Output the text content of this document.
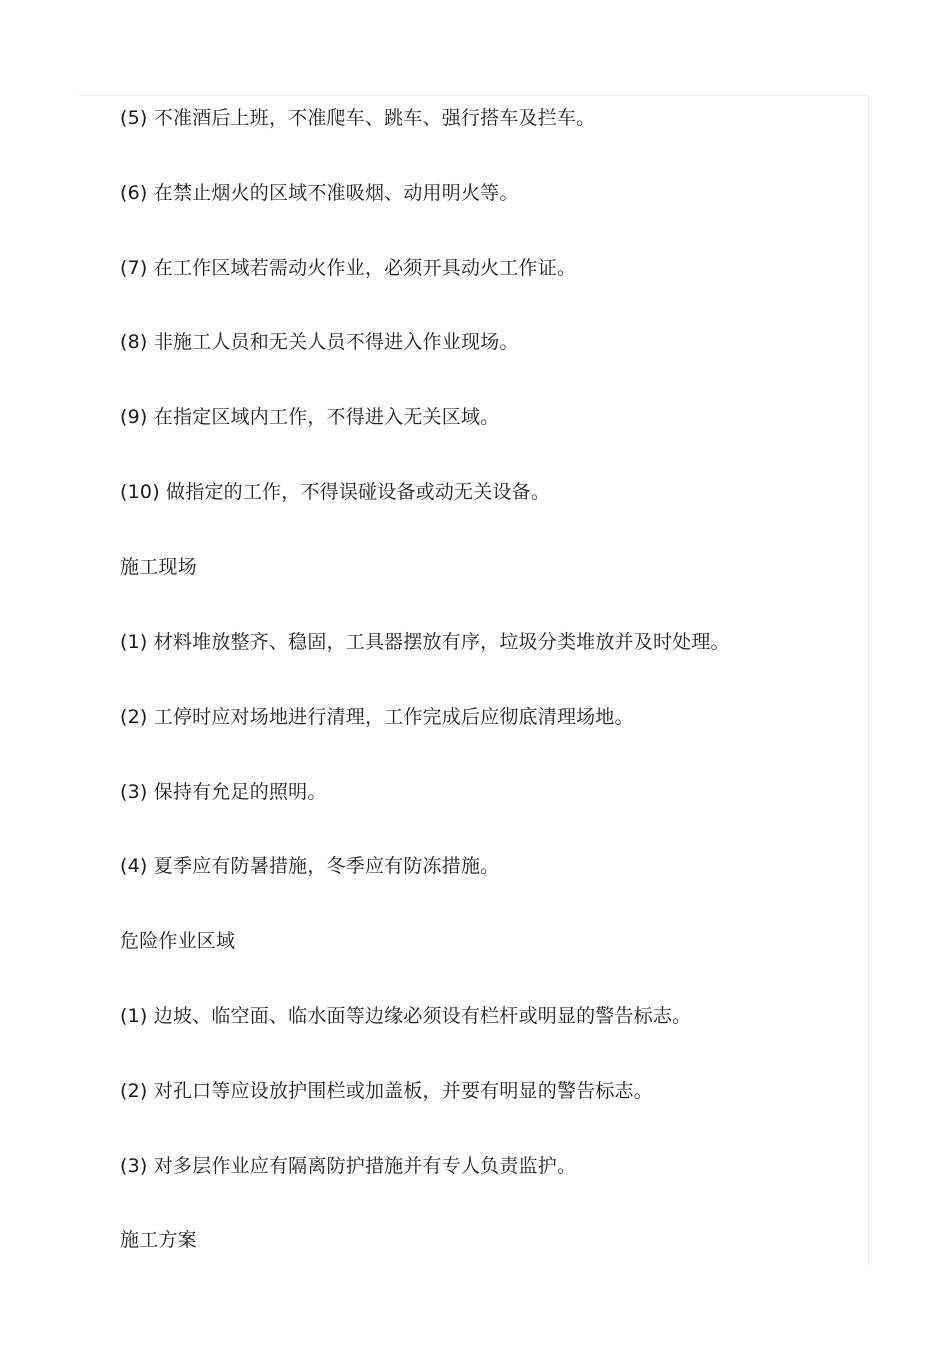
(5) 不准酒后上班，不准爬车、跳车、强行搭车及拦车。
(6) 在禁止烟火的区域不准吸烟、动用明火等。
(7) 在工作区域若需动火作业，必须开具动火工作证。
(8) 非施工人员和无关人员不得进入作业现场。
(9) 在指定区域内工作，不得进入无关区域。
(10) 做指定的工作，不得误碰设备或动无关设备。
施工现场
(1) 材料堆放整齐、稳固，工具器摆放有序，垃圾分类堆放并及时处理。
(2) 工停时应对场地进行清理，工作完成后应彻底清理场地。
(3) 保持有允足的照明。
(4) 夏季应有防暑措施，冬季应有防冻措施。
危险作业区域
(1) 边坡、临空面、临水面等边缘必须设有栏杆或明显的警告标志。
(2) 对孔口等应设放护围栏或加盖板，并要有明显的警告标志。
(3) 对多层作业应有隔离防护措施并有专人负责监护。
施工方案
